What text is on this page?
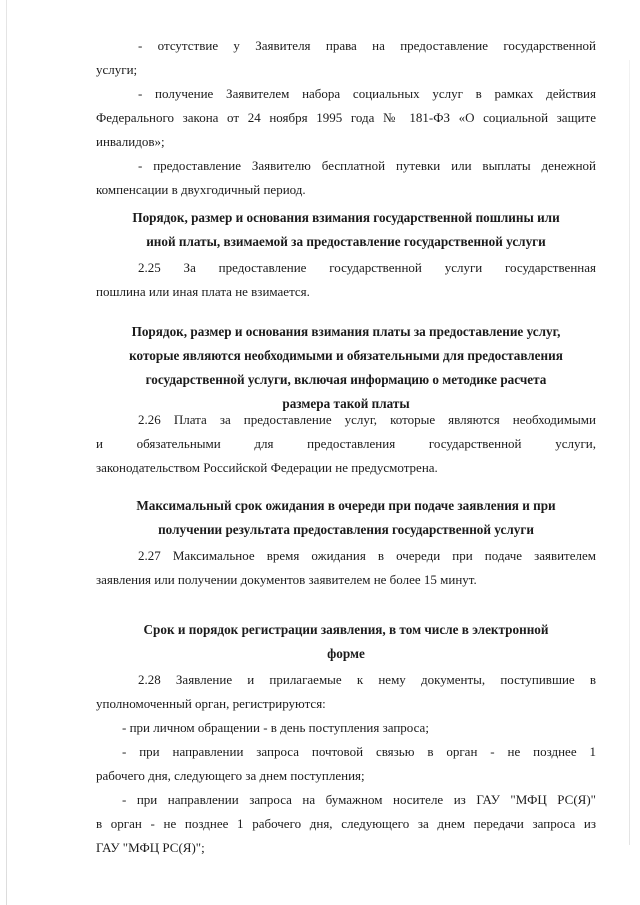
- отсутствие у Заявителя права на предоставление государственной

услуги;

- получение Заявителем набора социальных услуг в рамках действия

Федерального закона от 24 ноября 1995 года № 181-ФЗ «О социальной защите

инвалидов»;

- предоставление Заявителю бесплатной путевки или выплаты денежной

компенсации в двухгодичный период.

Порядок, размер и основания взимания государственной пошлины или

иной платы, взимаемой за предоставление государственной услуги

2.25 За предоставление государственной услуги государственная

пошлина или иная плата не взимается.

Порядок, размер и основания взимания платы за предоставление услуг,

которые являются необходимыми и обязательными для предоставления

государственной услуги, включая информацию о методике расчета

размера такой платы

2.26 Плата за предоставление услуг, которые являются необходимыми

и обязательными для предоставления государственной услуги,

законодательством Российской Федерации не предусмотрена.

Максимальный срок ожидания в очереди при подаче заявления и при

получении результата предоставления государственной услуги

2.27 Максимальное время ожидания в очереди при подаче заявителем

заявления или получении документов заявителем не более 15 минут.

Срок и порядок регистрации заявления, в том числе в электронной

форме

2.28 Заявление и прилагаемые к нему документы, поступившие в

уполномоченный орган, регистрируются:

- при личном обращении - в день поступления запроса;

- при направлении запроса почтовой связью в орган - не позднее 1

рабочего дня, следующего за днем поступления;

- при направлении запроса на бумажном носителе из ГАУ "МФЦ РС(Я)"

в орган - не позднее 1 рабочего дня, следующего за днем передачи запроса из

ГАУ "МФЦ РС(Я)";
